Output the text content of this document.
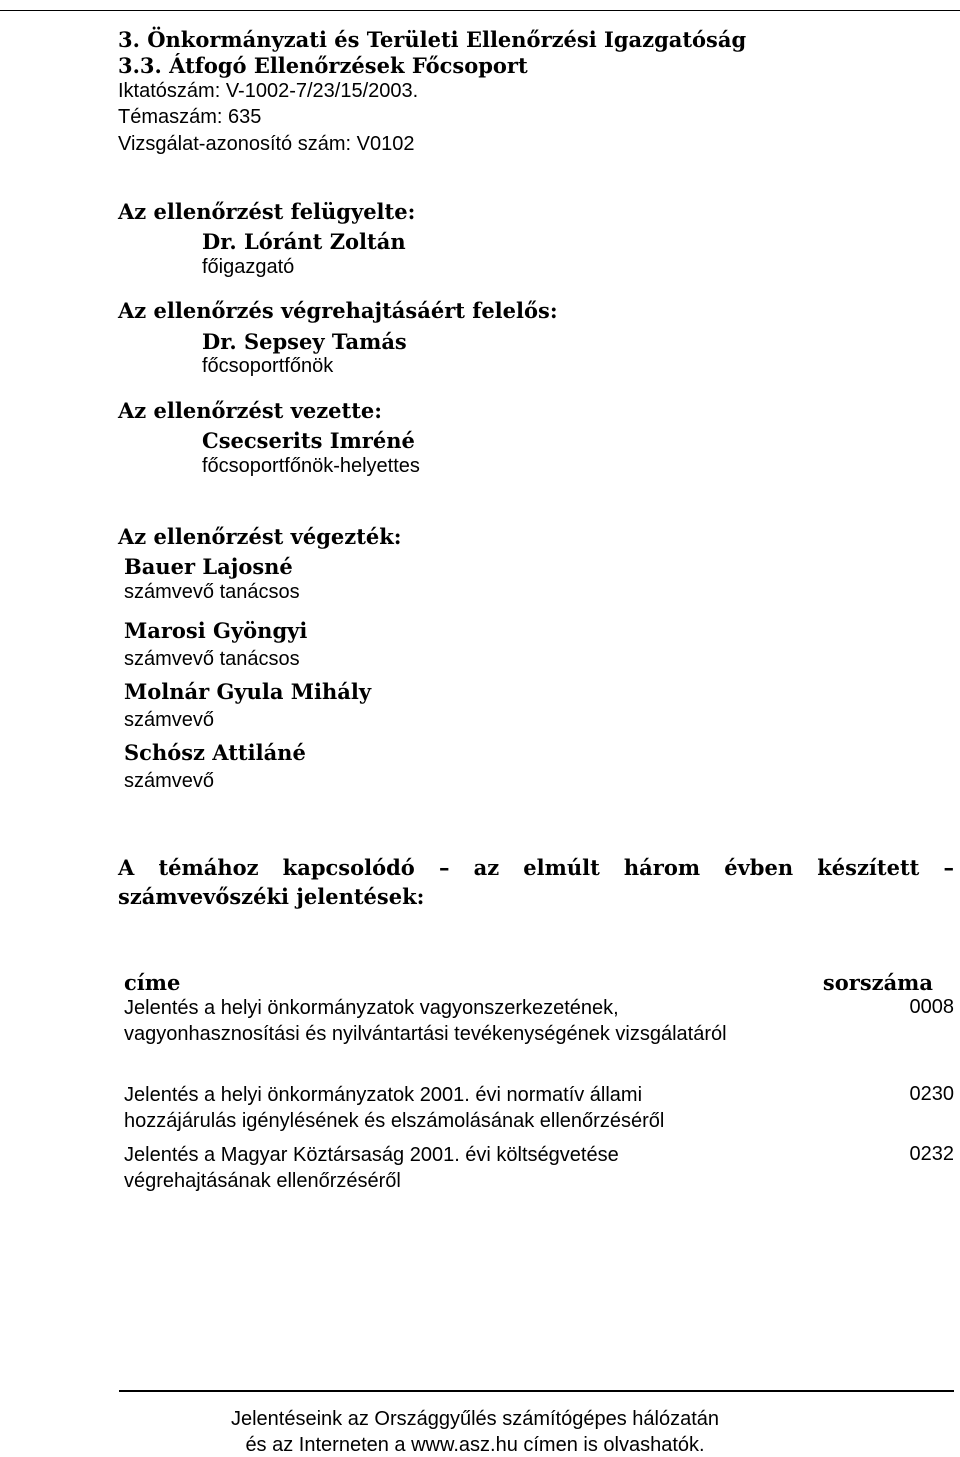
3. Önkormányzati és Területi Ellenőrzési Igazgatóság
3.3. Átfogó Ellenőrzések Főcsoport
Iktatószám: V-1002-7/23/15/2003.
Témaszám: 635
Vizsgálat-azonosító szám: V0102
Az ellenőrzést felügyelte:
Dr. Lóránt Zoltán
főigazgató
Az ellenőrzés végrehajtásáért felelős:
Dr. Sepsey Tamás
főcsoportfőnök
Az ellenőrzést vezette:
Csecserits Imréné
főcsoportfőnök-helyettes
Az ellenőrzést végezték:
Bauer Lajosné
számvevő tanácsos
Marosi Gyöngyi
számvevő tanácsos
Molnár Gyula Mihály
számvevő
Schósz Attiláné
számvevő
A témához kapcsolódó – az elmúlt három évben készített –
számvevőszéki jelentések:
címe	sorszáma
Jelentés a helyi önkormányzatok vagyonszerkezetének, vagyonhasznosítási és nyilvántartási tevékenységének vizsgálatáról
0008
Jelentés a helyi önkormányzatok 2001. évi normatív állami hozzájárulás igénylésének és elszámolásának ellenőrzéséről
0230
Jelentés a Magyar Köztársaság 2001. évi költségvetése végrehajtásának ellenőrzéséről
0232
Jelentéseink az Országgyűlés számítógépes hálózatán
és az Interneten a www.asz.hu címen is olvashatók.
